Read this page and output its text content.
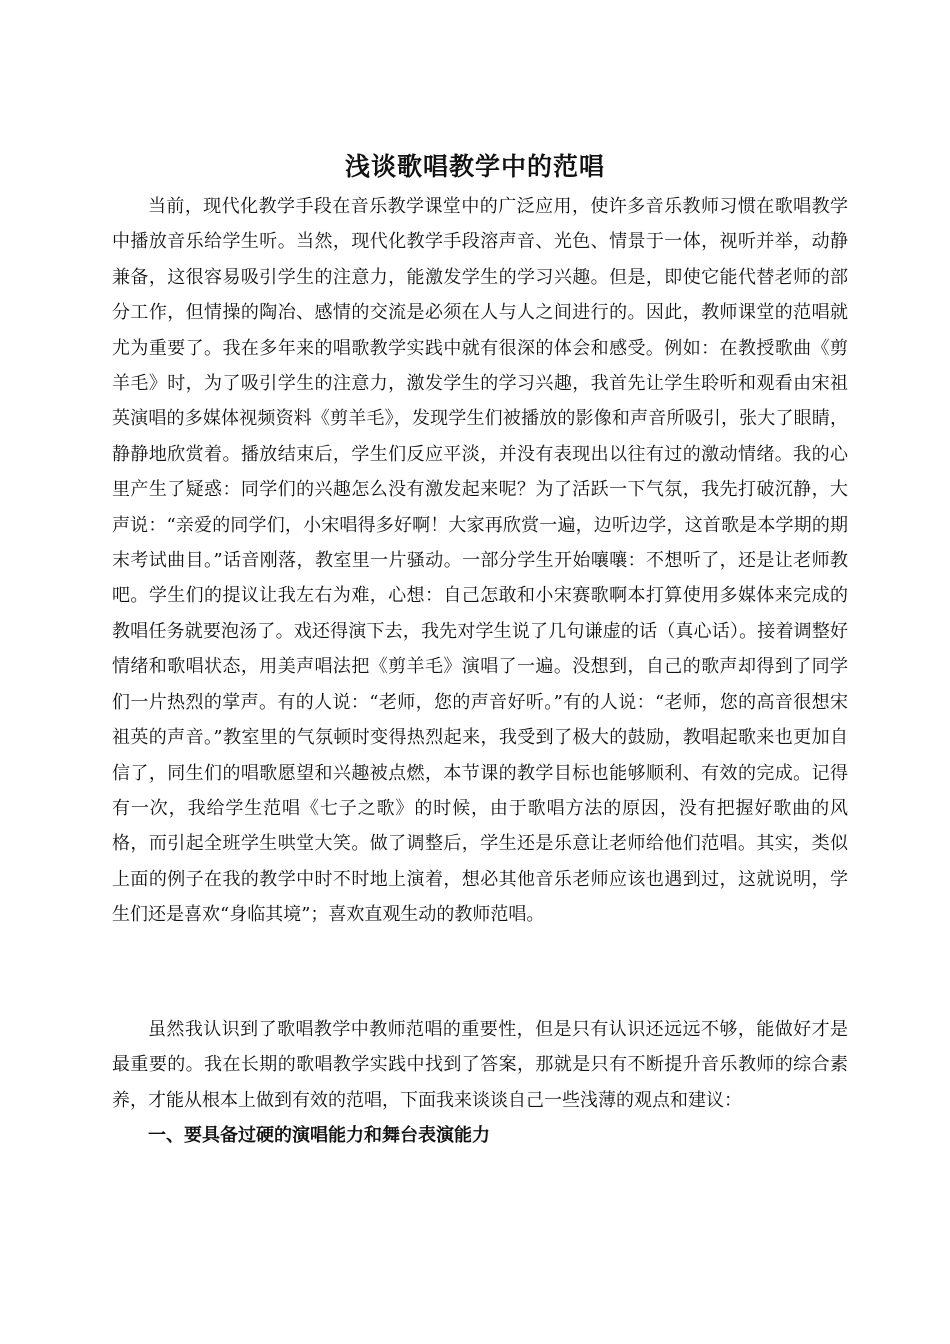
浅谈歌唱教学中的范唱

当前，现代化教学手段在音乐教学课堂中的广泛应用，使许多音乐教师习惯在歌唱教学中播放音乐给学生听。当然，现代化教学手段溶声音、光色、情景于一体，视听并举，动静兼备，这很容易吸引学生的注意力，能激发学生的学习兴趣。但是，即使它能代替老师的部分工作，但情操的陶冶、感情的交流是必须在人与人之间进行的。因此，教师课堂的范唱就尤为重要了。我在多年来的唱歌教学实践中就有很深的体会和感受。例如：在教授歌曲《剪羊毛》时，为了吸引学生的注意力，激发学生的学习兴趣，我首先让学生聆听和观看由宋祖英演唱的多媒体视频资料《剪羊毛》，发现学生们被播放的影像和声音所吸引，张大了眼睛，静静地欣赏着。播放结束后，学生们反应平淡，并没有表现出以往有过的激动情绪。我的心里产生了疑惑：同学们的兴趣怎么没有激发起来呢？为了活跃一下气氛，我先打破沉静，大声说：“亲爱的同学们，小宋唱得多好啊！大家再欣赏一遍，边听边学，这首歌是本学期的期末考试曲目。”话音刚落，教室里一片骚动。一部分学生开始嚷嚷：不想听了，还是让老师教吧。学生们的提议让我左右为难，心想：自己怎敢和小宋赛歌啊本打算使用多媒体来完成的教唱任务就要泡汤了。戏还得演下去，我先对学生说了几句谦虚的话（真心话）。接着调整好情绪和歌唱状态，用美声唱法把《剪羊毛》演唱了一遍。没想到，自己的歌声却得到了同学们一片热烈的掌声。有的人说：“老师，您的声音好听。”有的人说：“老师，您的高音很想宋祖英的声音。”教室里的气氛顿时变得热烈起来，我受到了极大的鼓励，教唱起歌来也更加自信了，同生们的唱歌愿望和兴趣被点燃，本节课的教学目标也能够顺利、有效的完成。记得有一次，我给学生范唱《七子之歌》的时候，由于歌唱方法的原因，没有把握好歌曲的风格，而引起全班学生哄堂大笑。做了调整后，学生还是乐意让老师给他们范唱。其实，类似上面的例子在我的教学中时不时地上演着，想必其他音乐老师应该也遇到过，这就说明，学生们还是喜欢“身临其境”；喜欢直观生动的教师范唱。

虽然我认识到了歌唱教学中教师范唱的重要性，但是只有认识还远远不够，能做好才是最重要的。我在长期的歌唱教学实践中找到了答案，那就是只有不断提升音乐教师的综合素养，才能从根本上做到有效的范唱，下面我来谈谈自己一些浅薄的观点和建议：

一、要具备过硬的演唱能力和舞台表演能力
